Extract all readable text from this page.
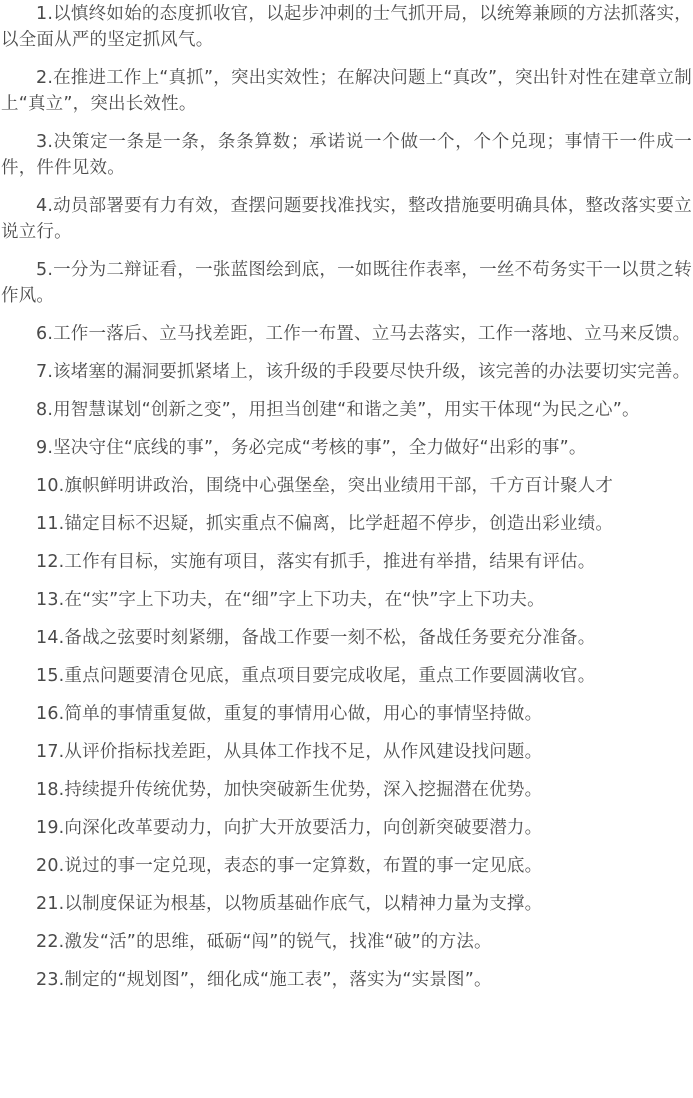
1.以慎终如始的态度抓收官，以起步冲刺的士气抓开局，以统筹兼顾的方法抓落实，以全面从严的坚定抓风气。

2.在推进工作上“真抓”，突出实效性；在解决问题上“真改”，突出针对性在建章立制上“真立”，突出长效性。

3.决策定一条是一条，条条算数；承诺说一个做一个，个个兑现；事情干一件成一件，件件见效。

4.动员部署要有力有效，查摆问题要找准找实，整改措施要明确具体，整改落实要立说立行。

5.一分为二辩证看，一张蓝图绘到底，一如既往作表率，一丝不苟务实干一以贯之转作风。

6.工作一落后、立马找差距，工作一布置、立马去落实，工作一落地、立马来反馈。

7.该堵塞的漏洞要抓紧堵上，该升级的手段要尽快升级，该完善的办法要切实完善。

8.用智慧谋划“创新之变”，用担当创建“和谐之美”，用实干体现“为民之心”。

9.坚决守住“底线的事”，务必完成“考核的事”，全力做好“出彩的事”。

10.旗帜鲜明讲政治，围绕中心强堡垒，突出业绩用干部，千方百计聚人才

11.锚定目标不迟疑，抓实重点不偏离，比学赶超不停步，创造出彩业绩。

12.工作有目标，实施有项目，落实有抓手，推进有举措，结果有评估。

13.在“实”字上下功夫，在“细”字上下功夫，在“快”字上下功夫。

14.备战之弦要时刻紧绷，备战工作要一刻不松，备战任务要充分准备。

15.重点问题要清仓见底，重点项目要完成收尾，重点工作要圆满收官。

16.简单的事情重复做，重复的事情用心做，用心的事情坚持做。

17.从评价指标找差距，从具体工作找不足，从作风建设找问题。

18.持续提升传统优势，加快突破新生优势，深入挖掘潜在优势。

19.向深化改革要动力，向扩大开放要活力，向创新突破要潜力。

20.说过的事一定兑现，表态的事一定算数，布置的事一定见底。

21.以制度保证为根基，以物质基础作底气，以精神力量为支撑。

22.激发“活”的思维，砥砺“闯”的锐气，找准“破”的方法。

23.制定的“规划图”，细化成“施工表”，落实为“实景图”。
